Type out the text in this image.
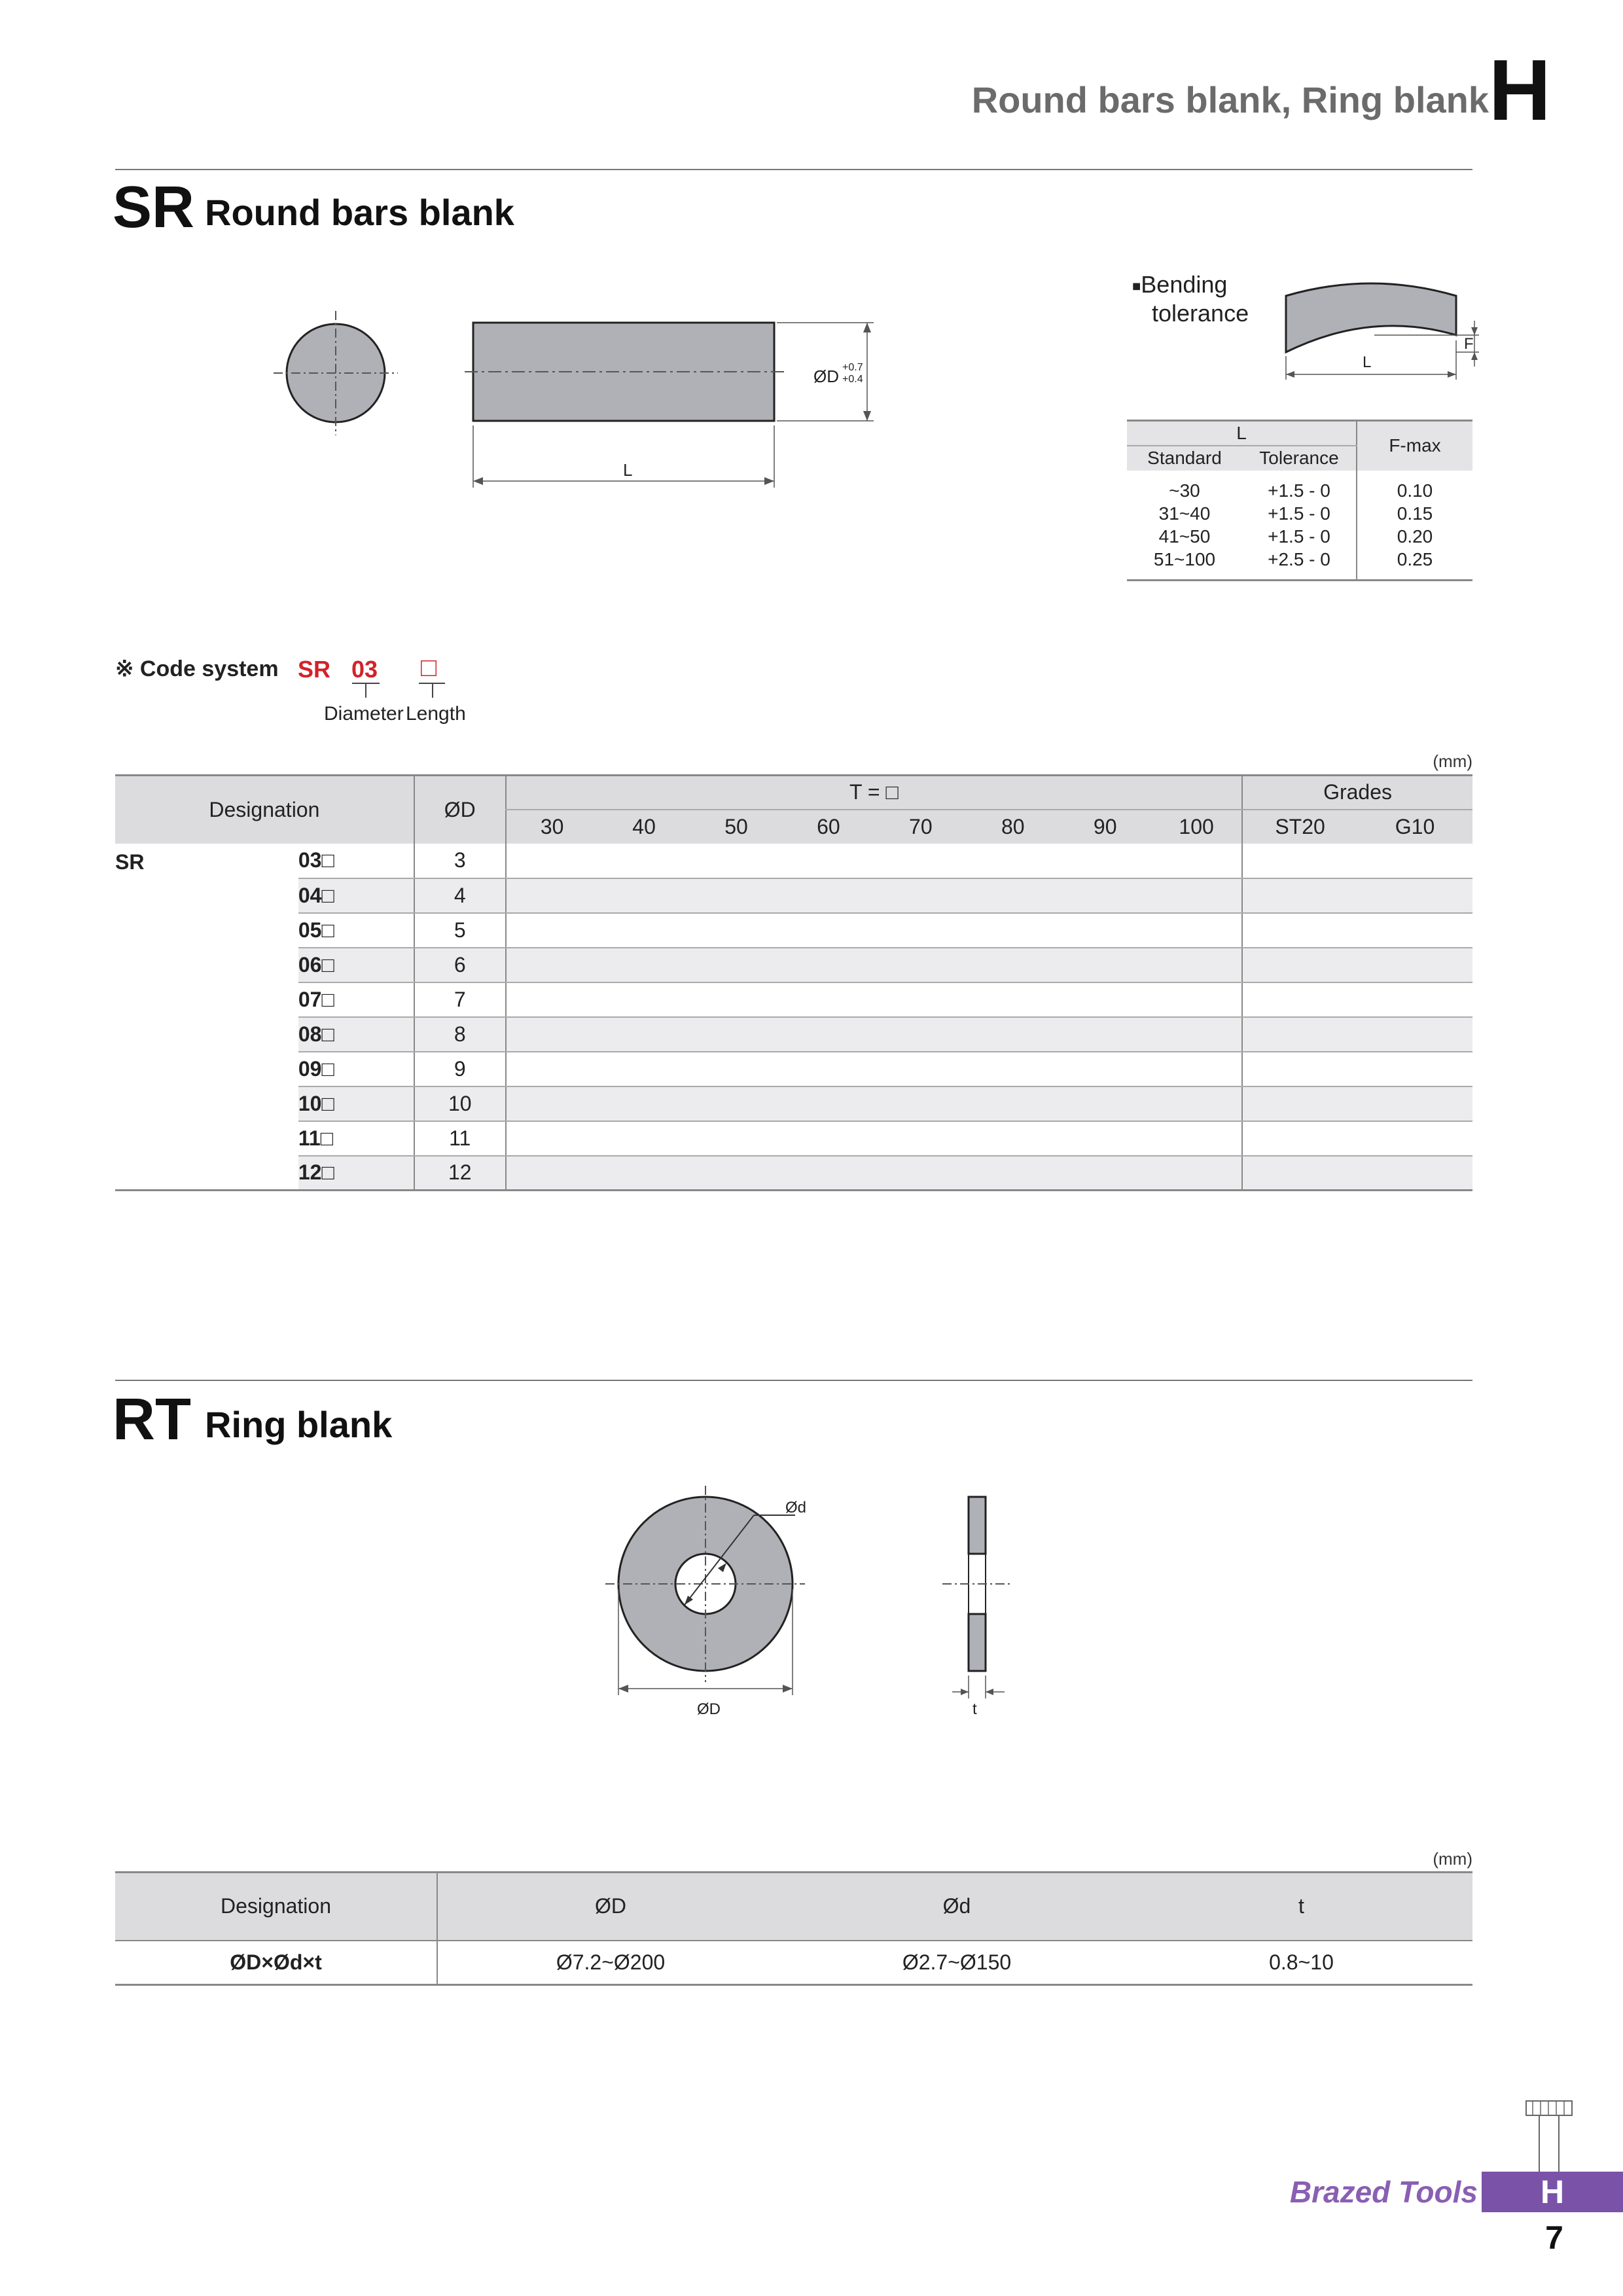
Round bars blank, Ring blank H
SR Round bars blank
ØD +0.7
+0.4
L
■Bending
tolerance
F
L
L		F-max
Standard	Tolerance	

~30	+1.5 - 0	0.10
31~40	+1.5 - 0	0.15
41~50	+1.5 - 0	0.20
51~100	+2.5 - 0	0.25

※ Code system SR 03 □
Diameter Length
(mm)
Designation		ØD	T = □								Grades	
			30	40	50	60	70	80	90	100	ST20	G10
SR	03□	3										
	04□	4										
	05□	5										
	06□	6										
	07□	7										
	08□	8										
	09□	9										
	10□	10										
	11□	11										
	12□	12										
RT Ring blank
Ød
ØD	t
(mm)
Designation	ØD	Ød	t
ØD×Ød×t	Ø7.2~Ø200	Ø2.7~Ø150	0.8~10
Brazed Tools	H
7
